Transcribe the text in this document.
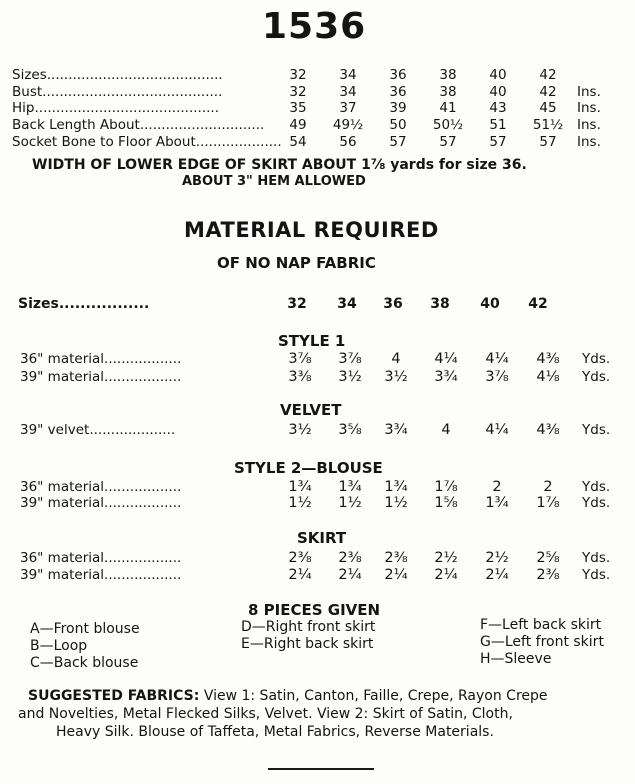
1536
Sizes.........................................	32	34	36	38	40	42
Bust..........................................	32	34	36	38	40	42	Ins.
Hip...........................................	35	37	39	41	43	45	Ins.
Back Length About.............................	49	49½	50	50½	51	51½	Ins.
Socket Bone to Floor About.................... 54	56	57	57	57	57	Ins.
WIDTH OF LOWER EDGE OF SKIRT ABOUT 1⅞ yards for size 36.
ABOUT 3" HEM ALLOWED
MATERIAL REQUIRED
OF NO NAP FABRIC
Sizes.................	32	34	36	38	40	42
STYLE 1
36" material..................	3⅞	3⅞	4	4¼	4¼	4⅜	Yds.
39" material..................	3⅜	3½	3½	3¾	3⅞	4⅛	Yds.
VELVET
39" velvet....................	3½	3⅝	3¾	4	4¼	4⅜	Yds.
STYLE 2—BLOUSE
36" material..................	1¾	1¾	1¾	1⅞	2	2	Yds.
39" material..................	1½	1½	1½	1⅝	1¾	1⅞	Yds.
SKIRT
36" material..................	2⅜	2⅜	2⅜	2½	2½	2⅝	Yds.
39" material..................	2¼	2¼	2¼	2¼	2¼	2⅜	Yds.
8 PIECES GIVEN
A—Front blouse
B—Loop
C—Back blouse
D—Right front skirt
E—Right back skirt
F—Left back skirt
G—Left front skirt
H—Sleeve
SUGGESTED FABRICS: View 1: Satin, Canton, Faille, Crepe, Rayon Crepe
and Novelties, Metal Flecked Silks, Velvet. View 2: Skirt of Satin, Cloth,
Heavy Silk. Blouse of Taffeta, Metal Fabrics, Reverse Materials.
